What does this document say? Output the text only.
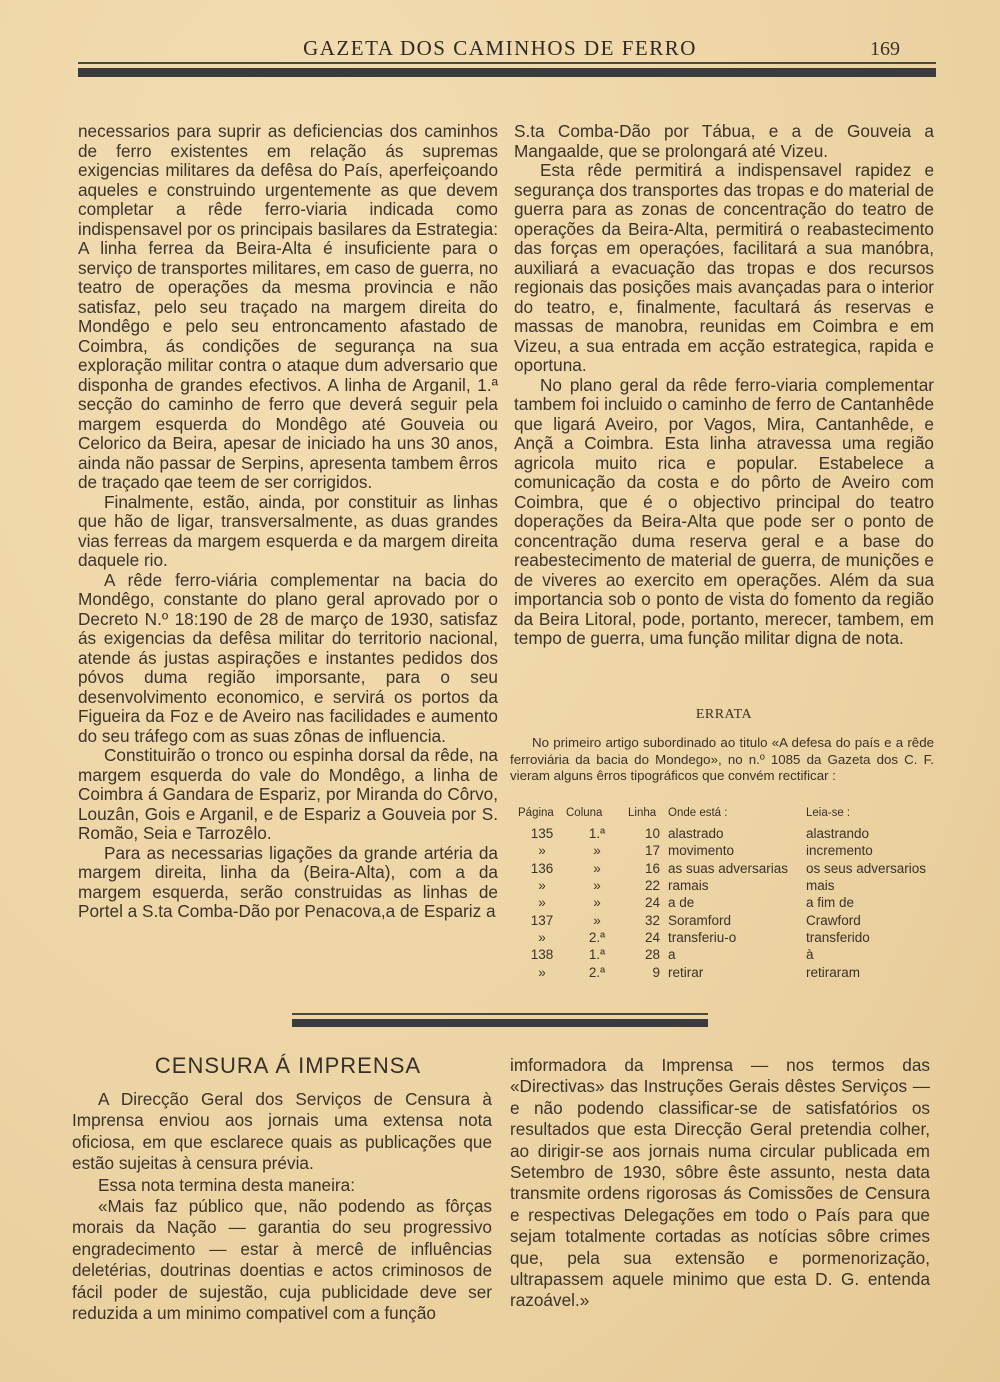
GAZETA DOS CAMINHOS DE FERRO	169

necessarios para suprir as deficiencias dos caminhos de ferro existentes em relação ás supremas exigencias militares da defêsa do País, aperfeiçoando aqueles e construindo urgentemente as que devem completar a rêde ferro-viaria indicada como indispensavel por os principais basilares da Estrategia: A linha ferrea da Beira-Alta é insuficiente para o serviço de transportes militares, em caso de guerra, no teatro de operações da mesma provincia e não satisfaz, pelo seu traçado na margem direita do Mondêgo e pelo seu entroncamento afastado de Coimbra, ás condições de segurança na sua exploração militar contra o ataque dum adversario que disponha de grandes efectivos. A linha de Arganil, 1.ª secção do caminho de ferro que deverá seguir pela margem esquerda do Mondêgo até Gouveia ou Celorico da Beira, apesar de iniciado ha uns 30 anos, ainda não passar de Serpins, apresenta tambem êrros de traçado qae teem de ser corrigidos.

Finalmente, estão, ainda, por constituir as linhas que hão de ligar, transversalmente, as duas grandes vias ferreas da margem esquerda e da margem direita daquele rio.

A rêde ferro-viária complementar na bacia do Mondêgo, constante do plano geral aprovado por o Decreto N.º 18:190 de 28 de março de 1930, satisfaz ás exigencias da defêsa militar do territorio nacional, atende ás justas aspirações e instantes pedidos dos póvos duma região imporsante, para o seu desenvolvimento economico, e servirá os portos da Figueira da Foz e de Aveiro nas facilidades e aumento do seu tráfego com as suas zônas de influencia.

Constituirão o tronco ou espinha dorsal da rêde, na margem esquerda do vale do Mondêgo, a linha de Coimbra á Gandara de Espariz, por Miranda do Côrvo, Louzân, Gois e Arganil, e de Espariz a Gouveia por S. Romão, Seia e Tarrozêlo.

Para as necessarias ligações da grande artéria da margem direita, linha da (Beira-Alta), com a da margem esquerda, serão construidas as linhas de Portel a S.ta Comba-Dão por Penacova,a de Espariz a

S.ta Comba-Dão por Tábua, e a de Gouveia a Mangaalde, que se prolongará até Vizeu.

Esta rêde permitirá a indispensavel rapidez e segurança dos transportes das tropas e do material de guerra para as zonas de concentração do teatro de operações da Beira-Alta, permitirá o reabastecimento das forças em operaçóes, facilitará a sua manóbra, auxiliará a evacuação das tropas e dos recursos regionais das posições mais avançadas para o interior do teatro, e, finalmente, facultará ás reservas e massas de manobra, reunidas em Coimbra e em Vizeu, a sua entrada em acção estrategica, rapida e oportuna.

No plano geral da rêde ferro-viaria complementar tambem foi incluido o caminho de ferro de Cantanhêde que ligará Aveiro, por Vagos, Mira, Cantanhêde, e Ançã a Coimbra. Esta linha atravessa uma região agricola muito rica e popular. Estabelece a comunicação da costa e do pôrto de Aveiro com Coimbra, que é o objectivo principal do teatro doperações da Beira-Alta que pode ser o ponto de concentração duma reserva geral e a base do reabestecimento de material de guerra, de munições e de viveres ao exercito em operações. Além da sua importancia sob o ponto de vista do fomento da região da Beira Litoral, pode, portanto, merecer, tambem, em tempo de guerra, uma função militar digna de nota.

ERRATA

No primeiro artigo subordinado ao titulo «A defesa do país e a rêde ferroviária da bacia do Mondego», no n.º 1085 da Gazeta dos C. F. vieram alguns êrros tipográficos que convém rectificar :

Página	Coluna	Linha	Onde está :	Leia-se :
135	1.ª	10	alastrado	alastrando
»	»	17	movimento	incremento
136	»	16	as suas adversarias	os seus adversarios
»	»	22	ramais	mais
»	»	24	a de	a fim de
137	»	32	Soramford	Crawford
»	2.ª	24	transferiu-o	transferido
138	1.ª	28	a	à
»	2.ª	9	retirar	retiraram
CENSURA Á IMPRENSA

A Direcção Geral dos Serviços de Censura à Imprensa enviou aos jornais uma extensa nota oficiosa, em que esclarece quais as publicações que estão sujeitas à censura prévia.

Essa nota termina desta maneira:

«Mais faz público que, não podendo as fôrças morais da Nação — garantia do seu progressivo engradecimento — estar à mercê de influências deletérias, doutrinas doentias e actos criminosos de fácil poder de sujestão, cuja publicidade deve ser reduzida a um minimo compativel com a função

imformadora da Imprensa — nos termos das «Directivas» das Instruções Gerais dêstes Serviços — e não podendo classificar-se de satisfatórios os resultados que esta Direcção Geral pretendia colher, ao dirigir-se aos jornais numa circular publicada em Setembro de 1930, sôbre êste assunto, nesta data transmite ordens rigorosas ás Comissões de Censura e respectivas Delegações em todo o País para que sejam totalmente cortadas as notícias sôbre crimes que, pela sua extensão e pormenorização, ultrapassem aquele minimo que esta D. G. entenda razoável.»
